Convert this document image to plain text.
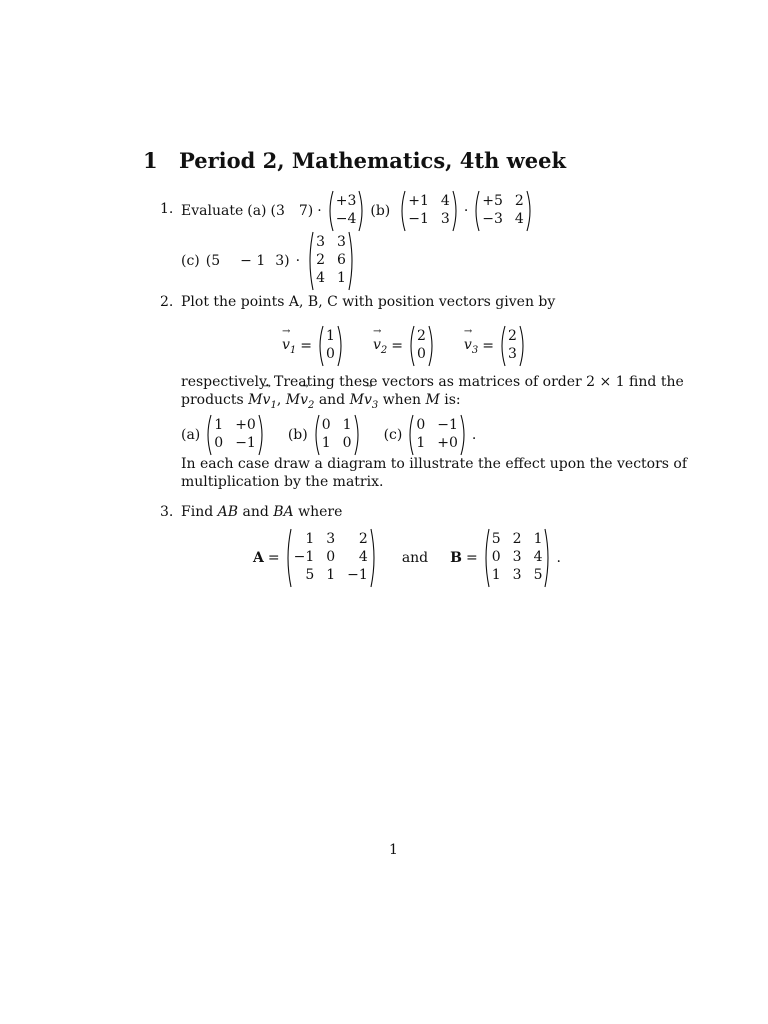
1 Period 2, Mathematics, 4th week
1. Evaluate (a) (3 7) ·
+3
−4 (b)
+1 4
−1 3 ·
+5 2
−3 4
(c) (5 − 1 3) ·
3 3
2 6
4 1
2. Plot the points A, B, C with position vectors given by
→ $v_1$ =
1
0
→ $v_2$ =
2
0
→ $v_3$ =
2
3
respectively. Treating these vectors as matrices of order 2 × 1 find the
products $M\to v_1$, $M\to v_2$ and $M\to v_3$ when M is:
(a)
1 +0
0 −1 (b)
0 1
1 0 (c)
0 −1
1 +0 .
In each case draw a diagram to illustrate the effect upon the vectors of
multiplication by the matrix.
3. Find AB and BA where
A =
1 3	2
−1 0	4
5 1 −1
and B =
5 2 1
0 3 4
1 3 5
.
1
